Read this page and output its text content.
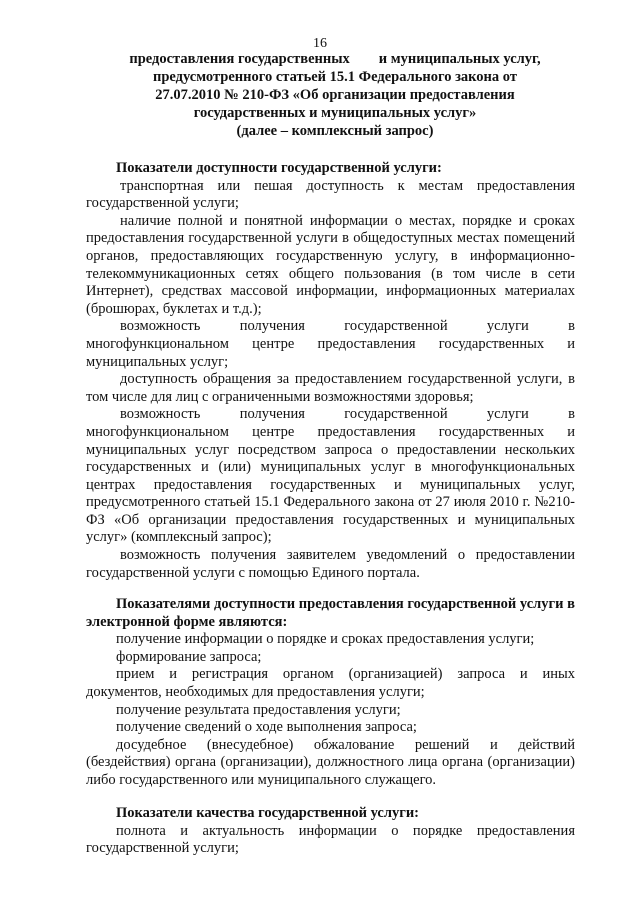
16
предоставления государственных        и муниципальных услуг,
предусмотренного статьей 15.1 Федерального закона от
27.07.2010 № 210-ФЗ «Об организации предоставления
государственных и муниципальных услуг»
(далее – комплексный запрос)

Показатели доступности государственной услуги:

транспортная или пешая доступность к местам предоставления государственной услуги;

наличие полной и понятной информации о местах, порядке и сроках предоставления государственной услуги в общедоступных местах помещений органов, предоставляющих государственную услугу, в информационно-телекоммуникационных сетях общего пользования (в том числе в сети Интернет), средствах массовой информации, информационных материалах (брошюрах, буклетах и т.д.);

возможность получения государственной услуги в многофункциональном центре предоставления государственных и муниципальных услуг;

доступность обращения за предоставлением государственной услуги, в том числе для лиц с ограниченными возможностями здоровья;

возможность получения государственной услуги в многофункциональном центре предоставления государственных и муниципальных услуг посредством запроса о предоставлении нескольких государственных и (или) муниципальных услуг в многофункциональных центрах предоставления государственных и муниципальных услуг, предусмотренного статьей 15.1 Федерального закона от 27 июля 2010 г. №210-ФЗ «Об организации предоставления государственных и муниципальных услуг» (комплексный запрос);

возможность получения заявителем уведомлений о предоставлении государственной услуги с помощью Единого портала.

Показателями доступности предоставления государственной услуги в электронной форме являются:

получение информации о порядке и сроках предоставления услуги;

формирование запроса;

прием и регистрация органом (организацией) запроса и иных документов, необходимых для предоставления услуги;

получение результата предоставления услуги;

получение сведений о ходе выполнения запроса;

досудебное (внесудебное) обжалование решений и действий (бездействия) органа (организации), должностного лица органа (организации) либо государственного или муниципального служащего.

Показатели качества государственной услуги:

полнота и актуальность информации о порядке предоставления государственной услуги;
